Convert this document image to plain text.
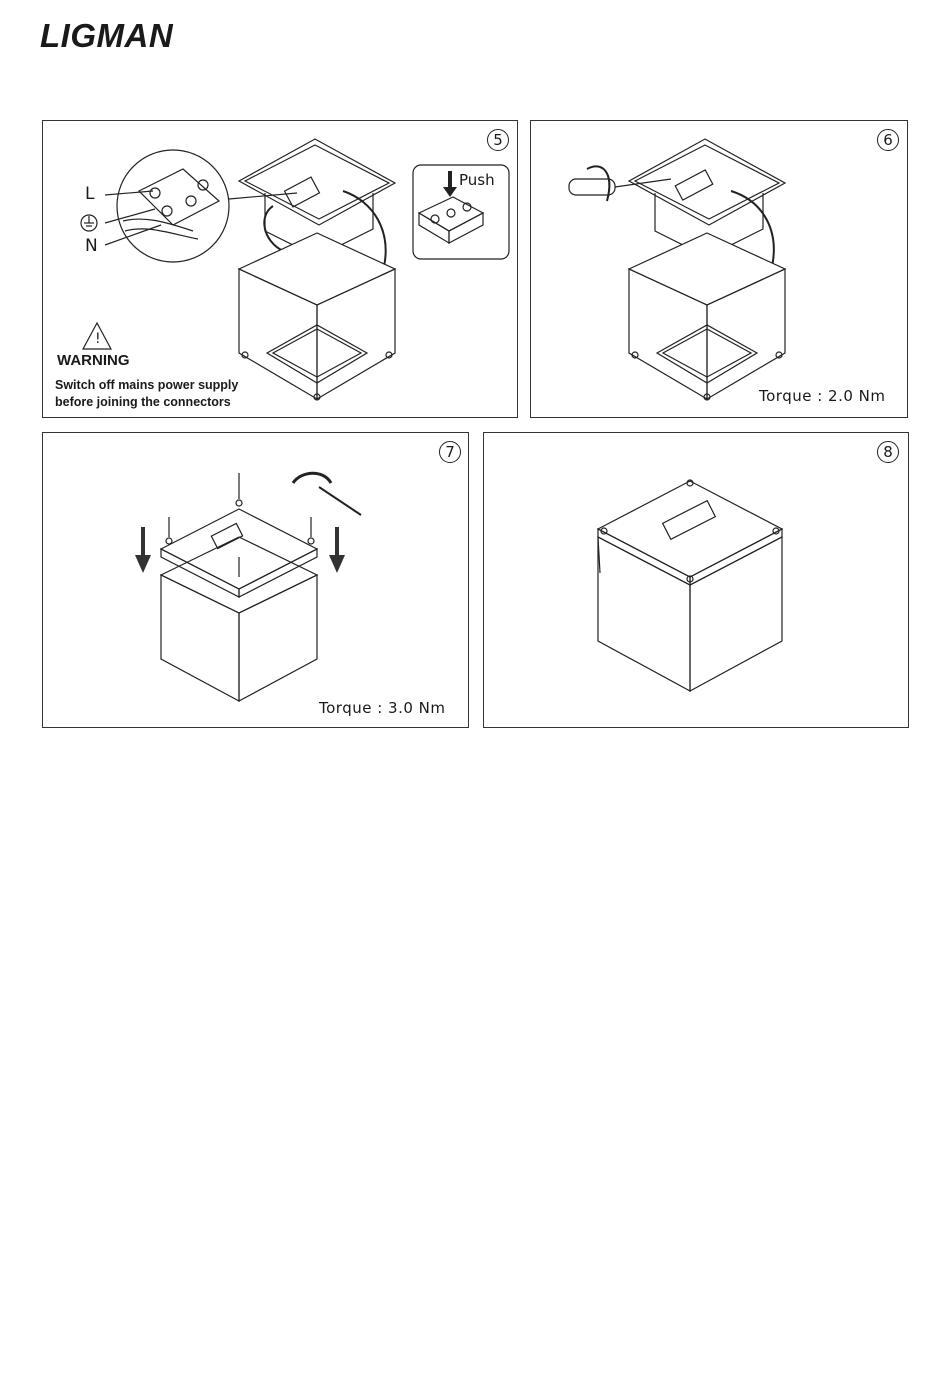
LIGMAN
!
5
L
N
Push
WARNING
Switch off mains power supply
before joining the connectors
6
Torque : 2.0 Nm
7
Torque : 3.0 Nm
8
